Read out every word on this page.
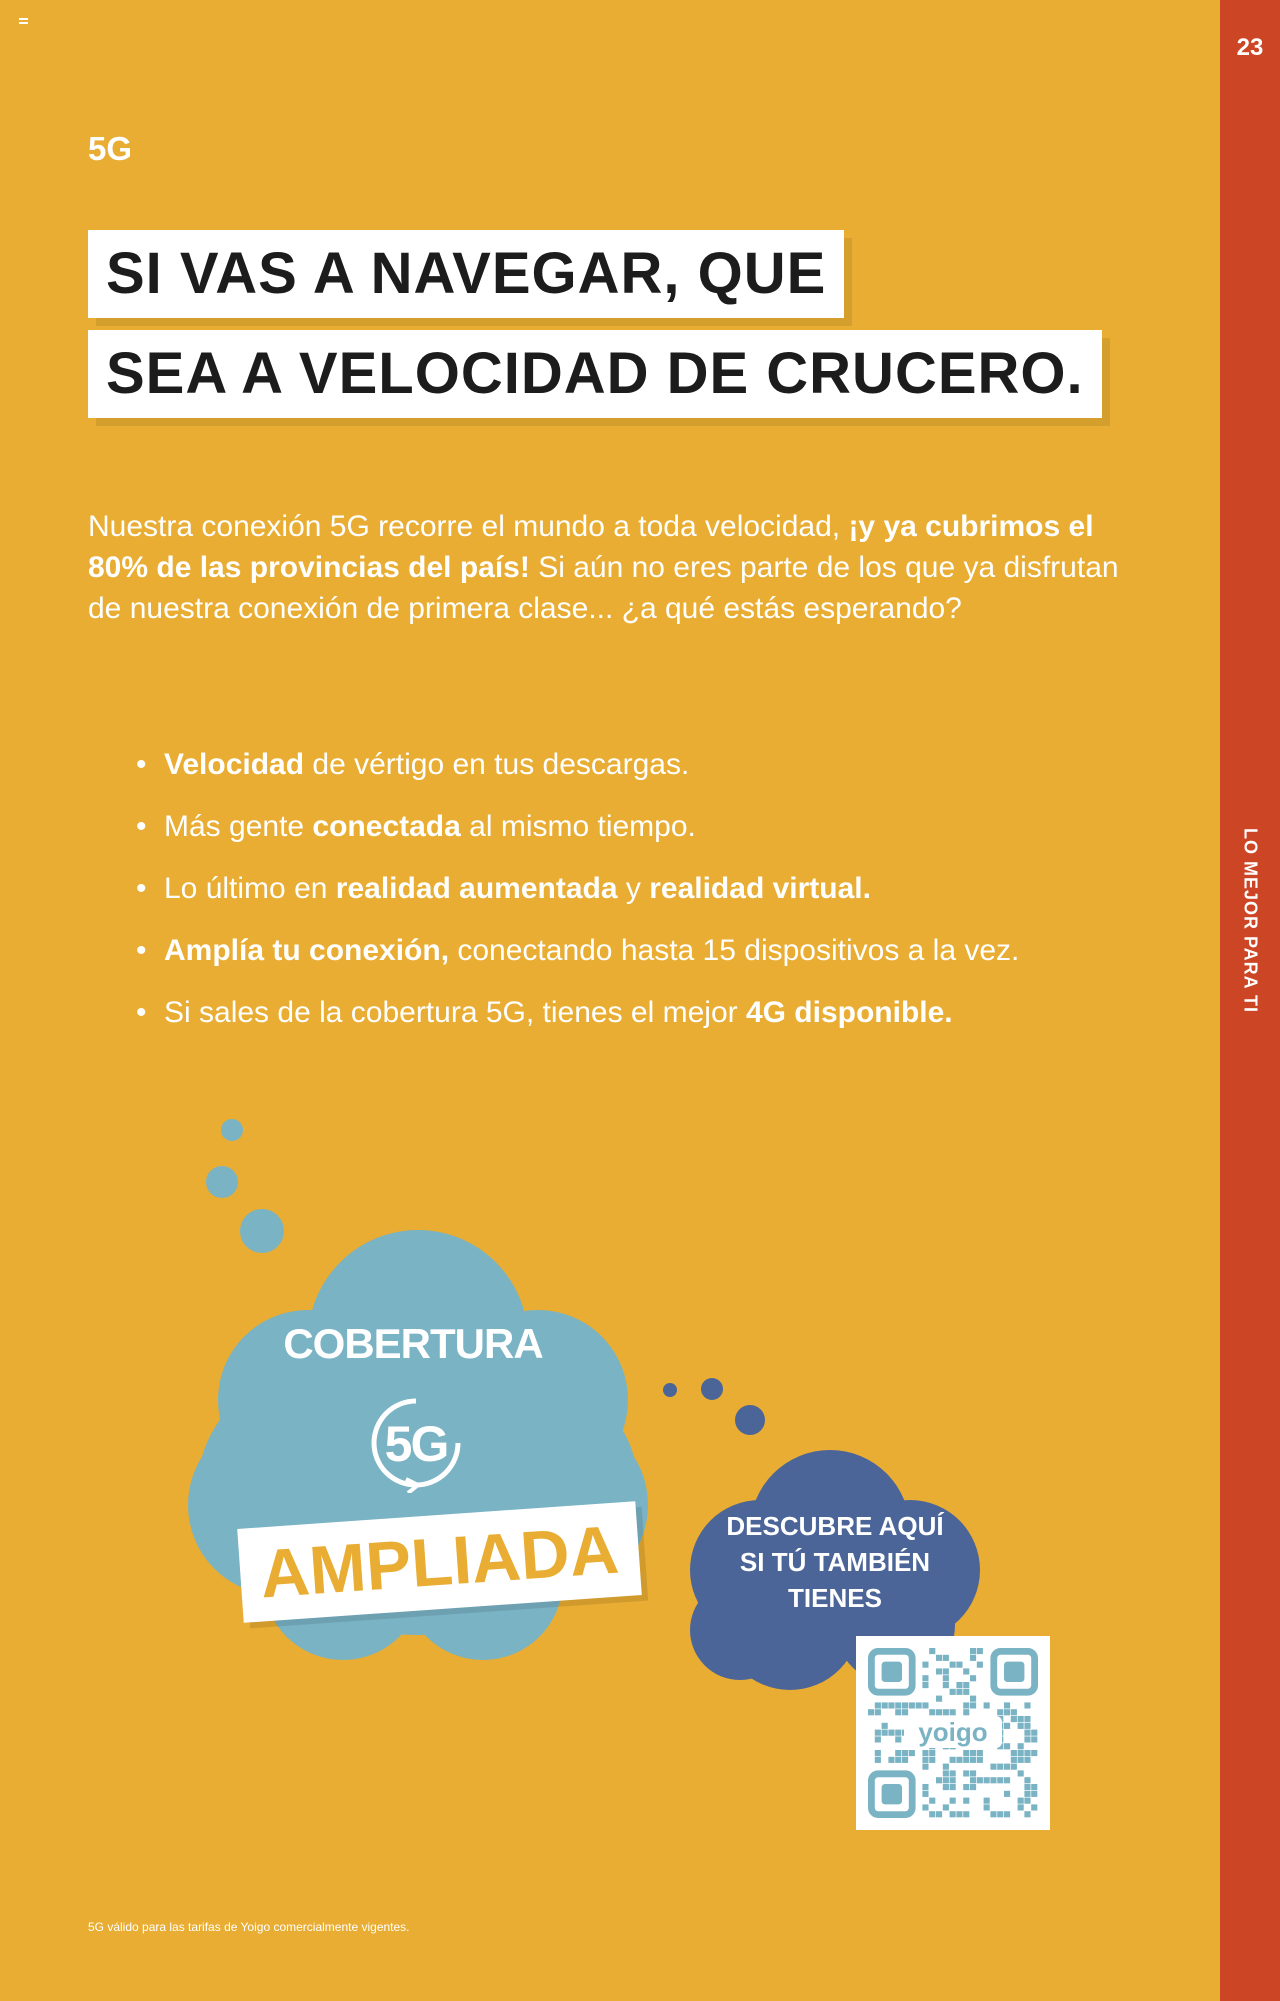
23
LO MEJOR PARA TI
5G
SI VAS A NAVEGAR, QUE
SEA A VELOCIDAD DE CRUCERO.

Nuestra conexión 5G recorre el mundo a toda velocidad, ¡y ya cubrimos el 80% de las provincias del país! Si aún no eres parte de los que ya disfrutan de nuestra conexión de primera clase... ¿a qué estás esperando?

• Velocidad de vértigo en tus descargas.
• Más gente conectada al mismo tiempo.
• Lo último en realidad aumentada y realidad virtual.
• Amplía tu conexión, conectando hasta 15 dispositivos a la vez.
• Si sales de la cobertura 5G, tienes el mejor 4G disponible.
COBERTURA
5G
AMPLIADA	DESCUBRE AQUÍ
SI TÚ TAMBIÉN
TIENES
yoigo
5G válido para las tarifas de Yoigo comercialmente vigentes.
